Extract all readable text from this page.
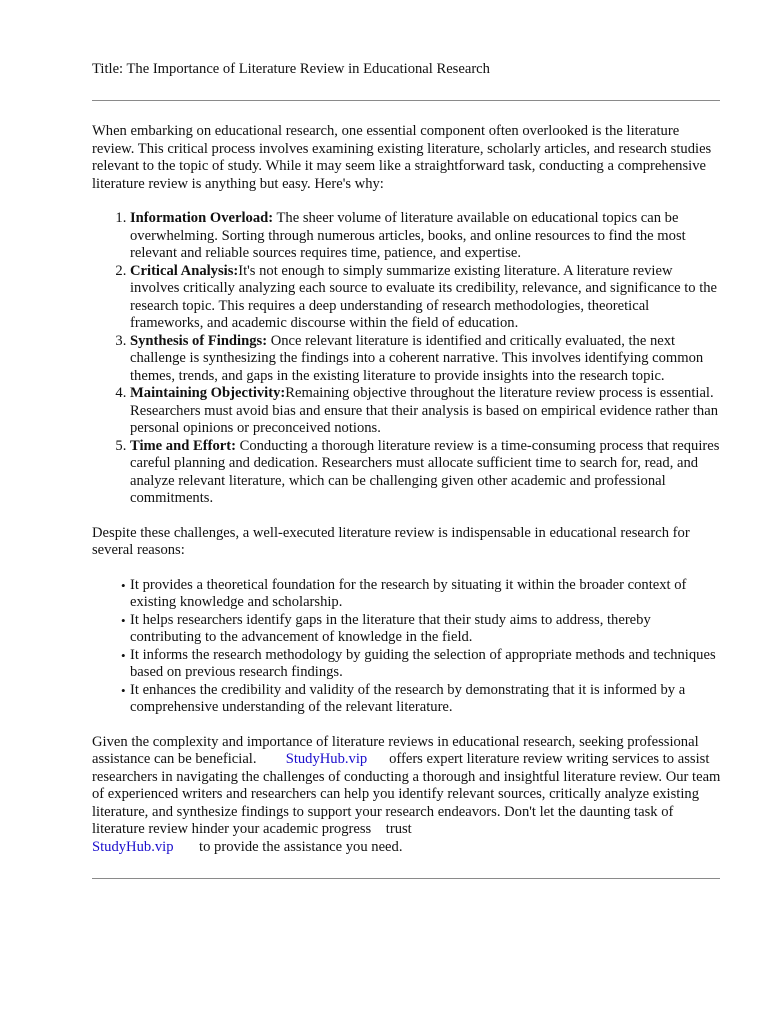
Title: The Importance of Literature Review in Educational Research

When embarking on educational research, one essential component often overlooked is the literature review. This critical process involves examining existing literature, scholarly articles, and research studies relevant to the topic of study. While it may seem like a straightforward task, conducting a comprehensive literature review is anything but easy. Here's why:

1. Information Overload: The sheer volume of literature available on educational topics can be overwhelming. Sorting through numerous articles, books, and online resources to find the most relevant and reliable sources requires time, patience, and expertise.
2. Critical Analysis:It's not enough to simply summarize existing literature. A literature review involves critically analyzing each source to evaluate its credibility, relevance, and significance to the research topic. This requires a deep understanding of research methodologies, theoretical frameworks, and academic discourse within the field of education.
3. Synthesis of Findings: Once relevant literature is identified and critically evaluated, the next challenge is synthesizing the findings into a coherent narrative. This involves identifying common themes, trends, and gaps in the existing literature to provide insights into the research topic.
4. Maintaining Objectivity:Remaining objective throughout the literature review process is essential. Researchers must avoid bias and ensure that their analysis is based on empirical evidence rather than personal opinions or preconceived notions.
5. Time and Effort: Conducting a thorough literature review is a time-consuming process that requires careful planning and dedication. Researchers must allocate sufficient time to search for, read, and analyze relevant literature, which can be challenging given other academic and professional commitments.

Despite these challenges, a well-executed literature review is indispensable in educational research for several reasons:

• It provides a theoretical foundation for the research by situating it within the broader context of existing knowledge and scholarship.
• It helps researchers identify gaps in the literature that their study aims to address, thereby contributing to the advancement of knowledge in the field.
• It informs the research methodology by guiding the selection of appropriate methods and techniques based on previous research findings.
• It enhances the credibility and validity of the research by demonstrating that it is informed by a comprehensive understanding of the relevant literature.

Given the complexity and importance of literature reviews in educational research, seeking professional assistance can be beneficial. StudyHub.vip      offers expert literature review writing services to assist researchers in navigating the challenges of conducting a thorough and insightful literature review. Our team of experienced writers and researchers can help you identify relevant sources, critically analyze existing literature, and synthesize findings to support your research endeavors. Don't let the daunting task of literature review hinder your academic progress    trust
StudyHub.vip       to provide the assistance you need.
